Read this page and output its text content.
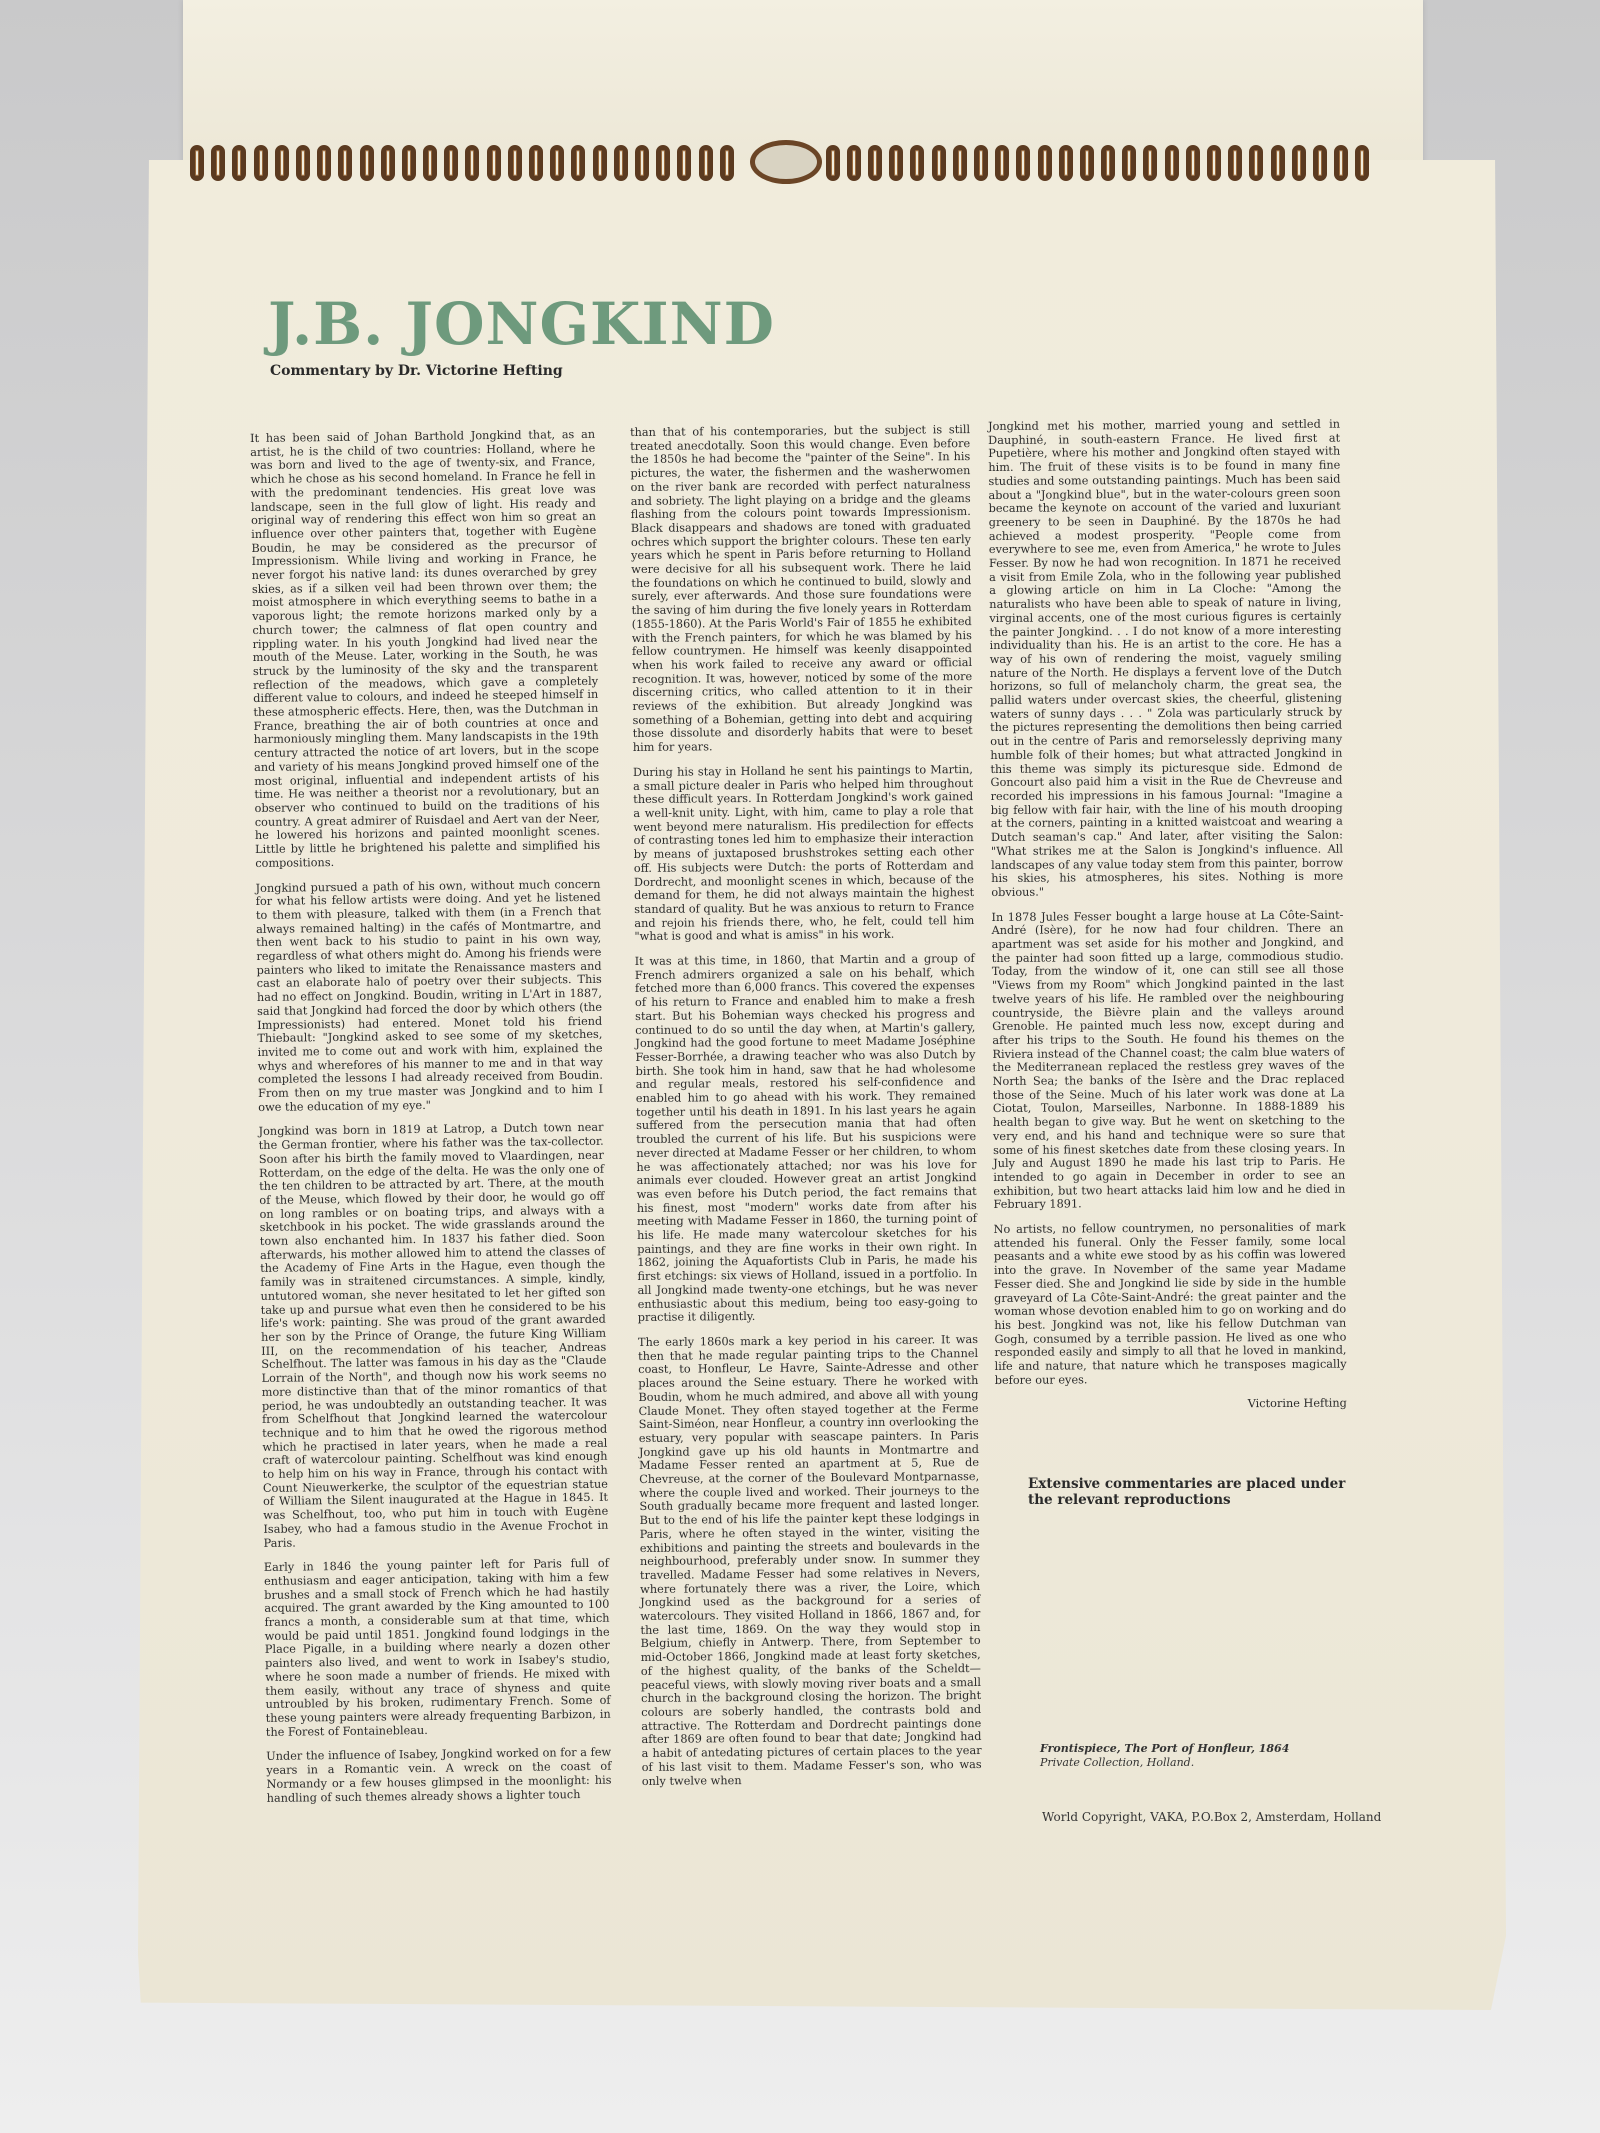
J.B. JONGKIND

Commentary by Dr. Victorine Hefting

It has been said of Johan Barthold Jongkind that, as an artist, he is the child of two countries: Holland, where he was born and lived to the age of twenty-six, and France, which he chose as his second homeland. In France he fell in with the predominant tendencies. His great love was landscape, seen in the full glow of light. His ready and original way of rendering this effect won him so great an influence over other painters that, together with Eugène Boudin, he may be considered as the precursor of Impressionism. While living and working in France, he never forgot his native land: its dunes overarched by grey skies, as if a silken veil had been thrown over them; the moist atmosphere in which everything seems to bathe in a vaporous light; the remote horizons marked only by a church tower; the calmness of flat open country and rippling water. In his youth Jongkind had lived near the mouth of the Meuse. Later, working in the South, he was struck by the luminosity of the sky and the transparent reflection of the meadows, which gave a completely different value to colours, and indeed he steeped himself in these atmospheric effects. Here, then, was the Dutchman in France, breathing the air of both countries at once and harmoniously mingling them. Many landscapists in the 19th century attracted the notice of art lovers, but in the scope and variety of his means Jongkind proved himself one of the most original, influential and independent artists of his time. He was neither a theorist nor a revolutionary, but an observer who continued to build on the traditions of his country. A great admirer of Ruisdael and Aert van der Neer, he lowered his horizons and painted moonlight scenes. Little by little he brightened his palette and simplified his compositions.

Jongkind pursued a path of his own, without much concern for what his fellow artists were doing. And yet he listened to them with pleasure, talked with them (in a French that always remained halting) in the cafés of Montmartre, and then went back to his studio to paint in his own way, regardless of what others might do. Among his friends were painters who liked to imitate the Renaissance masters and cast an elaborate halo of poetry over their subjects. This had no effect on Jongkind. Boudin, writing in L'Art in 1887, said that Jongkind had forced the door by which others (the Impressionists) had entered. Monet told his friend Thiebault: "Jongkind asked to see some of my sketches, invited me to come out and work with him, explained the whys and wherefores of his manner to me and in that way completed the lessons I had already received from Boudin. From then on my true master was Jongkind and to him I owe the education of my eye."

Jongkind was born in 1819 at Latrop, a Dutch town near the German frontier, where his father was the tax-collector. Soon after his birth the family moved to Vlaardingen, near Rotterdam, on the edge of the delta. He was the only one of the ten children to be attracted by art. There, at the mouth of the Meuse, which flowed by their door, he would go off on long rambles or on boating trips, and always with a sketchbook in his pocket. The wide grasslands around the town also enchanted him. In 1837 his father died. Soon afterwards, his mother allowed him to attend the classes of the Academy of Fine Arts in the Hague, even though the family was in straitened circumstances. A simple, kindly, untutored woman, she never hesitated to let her gifted son take up and pursue what even then he considered to be his life's work: painting. She was proud of the grant awarded her son by the Prince of Orange, the future King William III, on the recommendation of his teacher, Andreas Schelfhout. The latter was famous in his day as the "Claude Lorrain of the North", and though now his work seems no more distinctive than that of the minor romantics of that period, he was undoubtedly an outstanding teacher. It was from Schelfhout that Jongkind learned the watercolour technique and to him that he owed the rigorous method which he practised in later years, when he made a real craft of watercolour painting. Schelfhout was kind enough to help him on his way in France, through his contact with Count Nieuwerkerke, the sculptor of the equestrian statue of William the Silent inaugurated at the Hague in 1845. It was Schelfhout, too, who put him in touch with Eugène Isabey, who had a famous studio in the Avenue Frochot in Paris.

Early in 1846 the young painter left for Paris full of enthusiasm and eager anticipation, taking with him a few brushes and a small stock of French which he had hastily acquired. The grant awarded by the King amounted to 100 francs a month, a considerable sum at that time, which would be paid until 1851. Jongkind found lodgings in the Place Pigalle, in a building where nearly a dozen other painters also lived, and went to work in Isabey's studio, where he soon made a number of friends. He mixed with them easily, without any trace of shyness and quite untroubled by his broken, rudimentary French. Some of these young painters were already frequenting Barbizon, in the Forest of Fontainebleau.

Under the influence of Isabey, Jongkind worked on for a few years in a Romantic vein. A wreck on the coast of Normandy or a few houses glimpsed in the moonlight: his handling of such themes already shows a lighter touch

than that of his contemporaries, but the subject is still treated anecdotally. Soon this would change. Even before the 1850s he had become the "painter of the Seine". In his pictures, the water, the fishermen and the washerwomen on the river bank are recorded with perfect naturalness and sobriety. The light playing on a bridge and the gleams flashing from the colours point towards Impressionism. Black disappears and shadows are toned with graduated ochres which support the brighter colours. These ten early years which he spent in Paris before returning to Holland were decisive for all his subsequent work. There he laid the foundations on which he continued to build, slowly and surely, ever afterwards. And those sure foundations were the saving of him during the five lonely years in Rotterdam (1855-1860). At the Paris World's Fair of 1855 he exhibited with the French painters, for which he was blamed by his fellow countrymen. He himself was keenly disappointed when his work failed to receive any award or official recognition. It was, however, noticed by some of the more discerning critics, who called attention to it in their reviews of the exhibition. But already Jongkind was something of a Bohemian, getting into debt and acquiring those dissolute and disorderly habits that were to beset him for years.

During his stay in Holland he sent his paintings to Martin, a small picture dealer in Paris who helped him throughout these difficult years. In Rotterdam Jongkind's work gained a well-knit unity. Light, with him, came to play a role that went beyond mere naturalism. His predilection for effects of contrasting tones led him to emphasize their interaction by means of juxtaposed brushstrokes setting each other off. His subjects were Dutch: the ports of Rotterdam and Dordrecht, and moonlight scenes in which, because of the demand for them, he did not always maintain the highest standard of quality. But he was anxious to return to France and rejoin his friends there, who, he felt, could tell him "what is good and what is amiss" in his work.

It was at this time, in 1860, that Martin and a group of French admirers organized a sale on his behalf, which fetched more than 6,000 francs. This covered the expenses of his return to France and enabled him to make a fresh start. But his Bohemian ways checked his progress and continued to do so until the day when, at Martin's gallery, Jongkind had the good fortune to meet Madame Joséphine Fesser-Borrhée, a drawing teacher who was also Dutch by birth. She took him in hand, saw that he had wholesome and regular meals, restored his self-confidence and enabled him to go ahead with his work. They remained together until his death in 1891. In his last years he again suffered from the persecution mania that had often troubled the current of his life. But his suspicions were never directed at Madame Fesser or her children, to whom he was affectionately attached; nor was his love for animals ever clouded. However great an artist Jongkind was even before his Dutch period, the fact remains that his finest, most "modern" works date from after his meeting with Madame Fesser in 1860, the turning point of his life. He made many watercolour sketches for his paintings, and they are fine works in their own right. In 1862, joining the Aquafortists Club in Paris, he made his first etchings: six views of Holland, issued in a portfolio. In all Jongkind made twenty-one etchings, but he was never enthusiastic about this medium, being too easy-going to practise it diligently.

The early 1860s mark a key period in his career. It was then that he made regular painting trips to the Channel coast, to Honfleur, Le Havre, Sainte-Adresse and other places around the Seine estuary. There he worked with Boudin, whom he much admired, and above all with young Claude Monet. They often stayed together at the Ferme Saint-Siméon, near Honfleur, a country inn overlooking the estuary, very popular with seascape painters. In Paris Jongkind gave up his old haunts in Montmartre and Madame Fesser rented an apartment at 5, Rue de Chevreuse, at the corner of the Boulevard Montparnasse, where the couple lived and worked. Their journeys to the South gradually became more frequent and lasted longer. But to the end of his life the painter kept these lodgings in Paris, where he often stayed in the winter, visiting the exhibitions and painting the streets and boulevards in the neighbourhood, preferably under snow. In summer they travelled. Madame Fesser had some relatives in Nevers, where fortunately there was a river, the Loire, which Jongkind used as the background for a series of watercolours. They visited Holland in 1866, 1867 and, for the last time, 1869. On the way they would stop in Belgium, chiefly in Antwerp. There, from September to mid-October 1866, Jongkind made at least forty sketches, of the highest quality, of the banks of the Scheldt—peaceful views, with slowly moving river boats and a small church in the background closing the horizon. The bright colours are soberly handled, the contrasts bold and attractive. The Rotterdam and Dordrecht paintings done after 1869 are often found to bear that date; Jongkind had a habit of antedating pictures of certain places to the year of his last visit to them. Madame Fesser's son, who was only twelve when

Jongkind met his mother, married young and settled in Dauphiné, in south-eastern France. He lived first at Pupetière, where his mother and Jongkind often stayed with him. The fruit of these visits is to be found in many fine studies and some outstanding paintings. Much has been said about a "Jongkind blue", but in the water-colours green soon became the keynote on account of the varied and luxuriant greenery to be seen in Dauphiné. By the 1870s he had achieved a modest prosperity. "People come from everywhere to see me, even from America," he wrote to Jules Fesser. By now he had won recognition. In 1871 he received a visit from Emile Zola, who in the following year published a glowing article on him in La Cloche: "Among the naturalists who have been able to speak of nature in living, virginal accents, one of the most curious figures is certainly the painter Jongkind. . . I do not know of a more interesting individuality than his. He is an artist to the core. He has a way of his own of rendering the moist, vaguely smiling nature of the North. He displays a fervent love of the Dutch horizons, so full of melancholy charm, the great sea, the pallid waters under overcast skies, the cheerful, glistening waters of sunny days . . . " Zola was particularly struck by the pictures representing the demolitions then being carried out in the centre of Paris and remorselessly depriving many humble folk of their homes; but what attracted Jongkind in this theme was simply its picturesque side. Edmond de Goncourt also paid him a visit in the Rue de Chevreuse and recorded his impressions in his famous Journal: "Imagine a big fellow with fair hair, with the line of his mouth drooping at the corners, painting in a knitted waistcoat and wearing a Dutch seaman's cap." And later, after visiting the Salon: "What strikes me at the Salon is Jongkind's influence. All landscapes of any value today stem from this painter, borrow his skies, his atmospheres, his sites. Nothing is more obvious."

In 1878 Jules Fesser bought a large house at La Côte-Saint-André (Isère), for he now had four children. There an apartment was set aside for his mother and Jongkind, and the painter had soon fitted up a large, commodious studio. Today, from the window of it, one can still see all those "Views from my Room" which Jongkind painted in the last twelve years of his life. He rambled over the neighbouring countryside, the Bièvre plain and the valleys around Grenoble. He painted much less now, except during and after his trips to the South. He found his themes on the Riviera instead of the Channel coast; the calm blue waters of the Mediterranean replaced the restless grey waves of the North Sea; the banks of the Isère and the Drac replaced those of the Seine. Much of his later work was done at La Ciotat, Toulon, Marseilles, Narbonne. In 1888-1889 his health began to give way. But he went on sketching to the very end, and his hand and technique were so sure that some of his finest sketches date from these closing years. In July and August 1890 he made his last trip to Paris. He intended to go again in December in order to see an exhibition, but two heart attacks laid him low and he died in February 1891.

No artists, no fellow countrymen, no personalities of mark attended his funeral. Only the Fesser family, some local peasants and a white ewe stood by as his coffin was lowered into the grave. In November of the same year Madame Fesser died. She and Jongkind lie side by side in the humble graveyard of La Côte-Saint-André: the great painter and the woman whose devotion enabled him to go on working and do his best. Jongkind was not, like his fellow Dutchman van Gogh, consumed by a terrible passion. He lived as one who responded easily and simply to all that he loved in mankind, life and nature, that nature which he transposes magically before our eyes.

Victorine Hefting

Extensive commentaries are placed under the relevant reproductions
Frontispiece, The Port of Honfleur, 1864
Private Collection, Holland.
World Copyright, VAKA, P.O.Box 2, Amsterdam, Holland
